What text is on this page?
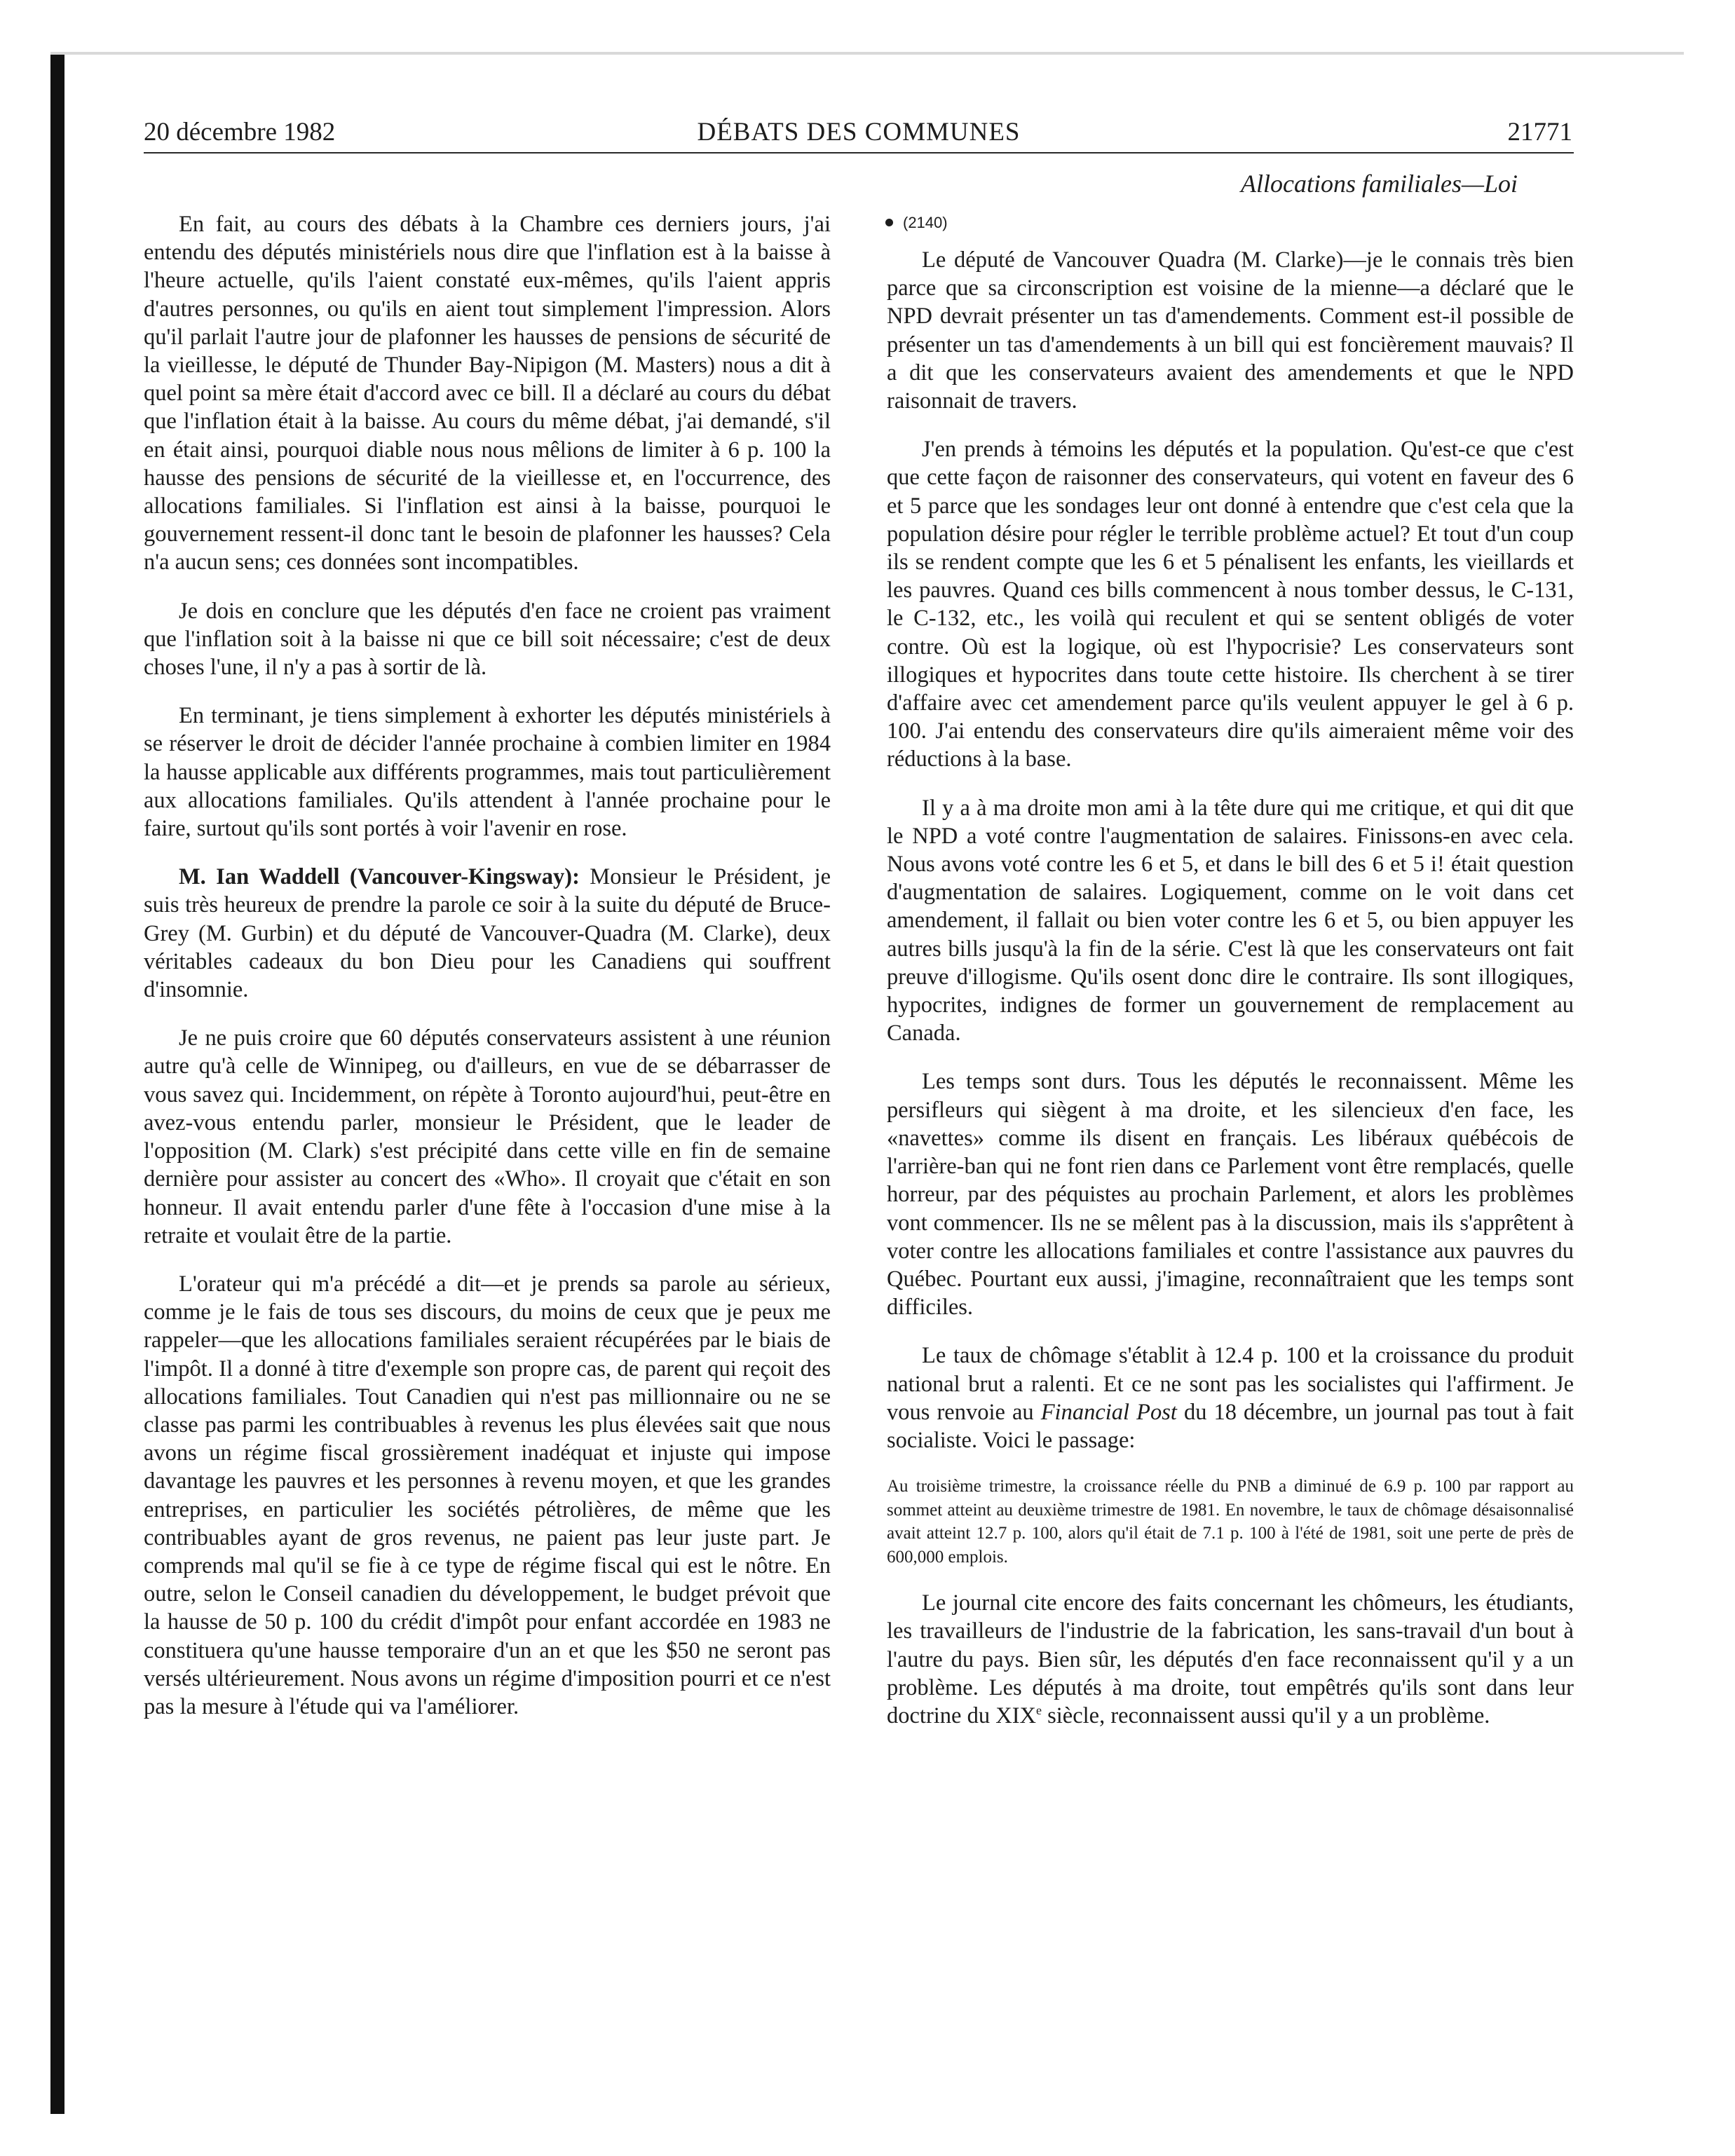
DÉBATS DES COMMUNES
20 décembre 1982	21771
Allocations familiales—Loi
(2140)

En fait, au cours des débats à la Chambre ces derniers jours, j'ai entendu des députés ministériels nous dire que l'inflation est à la baisse à l'heure actuelle, qu'ils l'aient constaté eux-mêmes, qu'ils l'aient appris d'autres personnes, ou qu'ils en aient tout simplement l'impression. Alors qu'il parlait l'autre jour de plafonner les hausses de pensions de sécurité de la vieillesse, le député de Thunder Bay-Nipigon (M. Masters) nous a dit à quel point sa mère était d'accord avec ce bill. Il a déclaré au cours du débat que l'inflation était à la baisse. Au cours du même débat, j'ai demandé, s'il en était ainsi, pourquoi diable nous nous mêlions de limiter à 6 p. 100 la hausse des pensions de sécurité de la vieillesse et, en l'occurrence, des allocations familiales. Si l'inflation est ainsi à la baisse, pourquoi le gouvernement ressent-il donc tant le besoin de plafonner les hausses? Cela n'a aucun sens; ces données sont incompatibles.

Je dois en conclure que les députés d'en face ne croient pas vraiment que l'inflation soit à la baisse ni que ce bill soit nécessaire; c'est de deux choses l'une, il n'y a pas à sortir de là.

En terminant, je tiens simplement à exhorter les députés ministériels à se réserver le droit de décider l'année prochaine à combien limiter en 1984 la hausse applicable aux différents programmes, mais tout particulièrement aux allocations familiales. Qu'ils attendent à l'année prochaine pour le faire, surtout qu'ils sont portés à voir l'avenir en rose.

M. Ian Waddell (Vancouver-Kingsway): Monsieur le Président, je suis très heureux de prendre la parole ce soir à la suite du député de Bruce-Grey (M. Gurbin) et du député de Vancouver-Quadra (M. Clarke), deux véritables cadeaux du bon Dieu pour les Canadiens qui souffrent d'insomnie.

Je ne puis croire que 60 députés conservateurs assistent à une réunion autre qu'à celle de Winnipeg, ou d'ailleurs, en vue de se débarrasser de vous savez qui. Incidemment, on répète à Toronto aujourd'hui, peut-être en avez-vous entendu parler, monsieur le Président, que le leader de l'opposition (M. Clark) s'est précipité dans cette ville en fin de semaine dernière pour assister au concert des «Who». Il croyait que c'était en son honneur. Il avait entendu parler d'une fête à l'occasion d'une mise à la retraite et voulait être de la partie.

L'orateur qui m'a précédé a dit—et je prends sa parole au sérieux, comme je le fais de tous ses discours, du moins de ceux que je peux me rappeler—que les allocations familiales seraient récupérées par le biais de l'impôt. Il a donné à titre d'exemple son propre cas, de parent qui reçoit des allocations familiales. Tout Canadien qui n'est pas millionnaire ou ne se classe pas parmi les contribuables à revenus les plus élevées sait que nous avons un régime fiscal grossièrement inadéquat et injuste qui impose davantage les pauvres et les personnes à revenu moyen, et que les grandes entreprises, en particulier les sociétés pétrolières, de même que les contribuables ayant de gros revenus, ne paient pas leur juste part. Je comprends mal qu'il se fie à ce type de régime fiscal qui est le nôtre. En outre, selon le Conseil canadien du développement, le budget prévoit que la hausse de 50 p. 100 du crédit d'impôt pour enfant accordée en 1983 ne constituera qu'une hausse temporaire d'un an et que les $50 ne seront pas versés ultérieurement. Nous avons un régime d'imposition pourri et ce n'est pas la mesure à l'étude qui va l'améliorer.

Le député de Vancouver Quadra (M. Clarke)—je le connais très bien parce que sa circonscription est voisine de la mienne—a déclaré que le NPD devrait présenter un tas d'amendements. Comment est-il possible de présenter un tas d'amendements à un bill qui est foncièrement mauvais? Il a dit que les conservateurs avaient des amendements et que le NPD raisonnait de travers.

J'en prends à témoins les députés et la population. Qu'est-ce que c'est que cette façon de raisonner des conservateurs, qui votent en faveur des 6 et 5 parce que les sondages leur ont donné à entendre que c'est cela que la population désire pour régler le terrible problème actuel? Et tout d'un coup ils se rendent compte que les 6 et 5 pénalisent les enfants, les vieillards et les pauvres. Quand ces bills commencent à nous tomber dessus, le C-131, le C-132, etc., les voilà qui reculent et qui se sentent obligés de voter contre. Où est la logique, où est l'hypocrisie? Les conservateurs sont illogiques et hypocrites dans toute cette histoire. Ils cherchent à se tirer d'affaire avec cet amendement parce qu'ils veulent appuyer le gel à 6 p. 100. J'ai entendu des conservateurs dire qu'ils aimeraient même voir des réductions à la base.

Il y a à ma droite mon ami à la tête dure qui me critique, et qui dit que le NPD a voté contre l'augmentation de salaires. Finissons-en avec cela. Nous avons voté contre les 6 et 5, et dans le bill des 6 et 5 i! était question d'augmentation de salaires. Logiquement, comme on le voit dans cet amendement, il fallait ou bien voter contre les 6 et 5, ou bien appuyer les autres bills jusqu'à la fin de la série. C'est là que les conservateurs ont fait preuve d'illogisme. Qu'ils osent donc dire le contraire. Ils sont illogiques, hypocrites, indignes de former un gouvernement de remplacement au Canada.

Les temps sont durs. Tous les députés le reconnaissent. Même les persifleurs qui siègent à ma droite, et les silencieux d'en face, les «navettes» comme ils disent en français. Les libéraux québécois de l'arrière-ban qui ne font rien dans ce Parlement vont être remplacés, quelle horreur, par des péquistes au prochain Parlement, et alors les problèmes vont commencer. Ils ne se mêlent pas à la discussion, mais ils s'apprêtent à voter contre les allocations familiales et contre l'assistance aux pauvres du Québec. Pourtant eux aussi, j'imagine, reconnaîtraient que les temps sont difficiles.

Le taux de chômage s'établit à 12.4 p. 100 et la croissance du produit national brut a ralenti. Et ce ne sont pas les socialistes qui l'affirment. Je vous renvoie au Financial Post du 18 décembre, un journal pas tout à fait socialiste. Voici le passage:

Au troisième trimestre, la croissance réelle du PNB a diminué de 6.9 p. 100 par rapport au sommet atteint au deuxième trimestre de 1981. En novembre, le taux de chômage désaisonnalisé avait atteint 12.7 p. 100, alors qu'il était de 7.1 p. 100 à l'été de 1981, soit une perte de près de 600,000 emplois.

Le journal cite encore des faits concernant les chômeurs, les étudiants, les travailleurs de l'industrie de la fabrication, les sans-travail d'un bout à l'autre du pays. Bien sûr, les députés d'en face reconnaissent qu'il y a un problème. Les députés à ma droite, tout empêtrés qu'ils sont dans leur doctrine du XIXe siècle, reconnaissent aussi qu'il y a un problème.
